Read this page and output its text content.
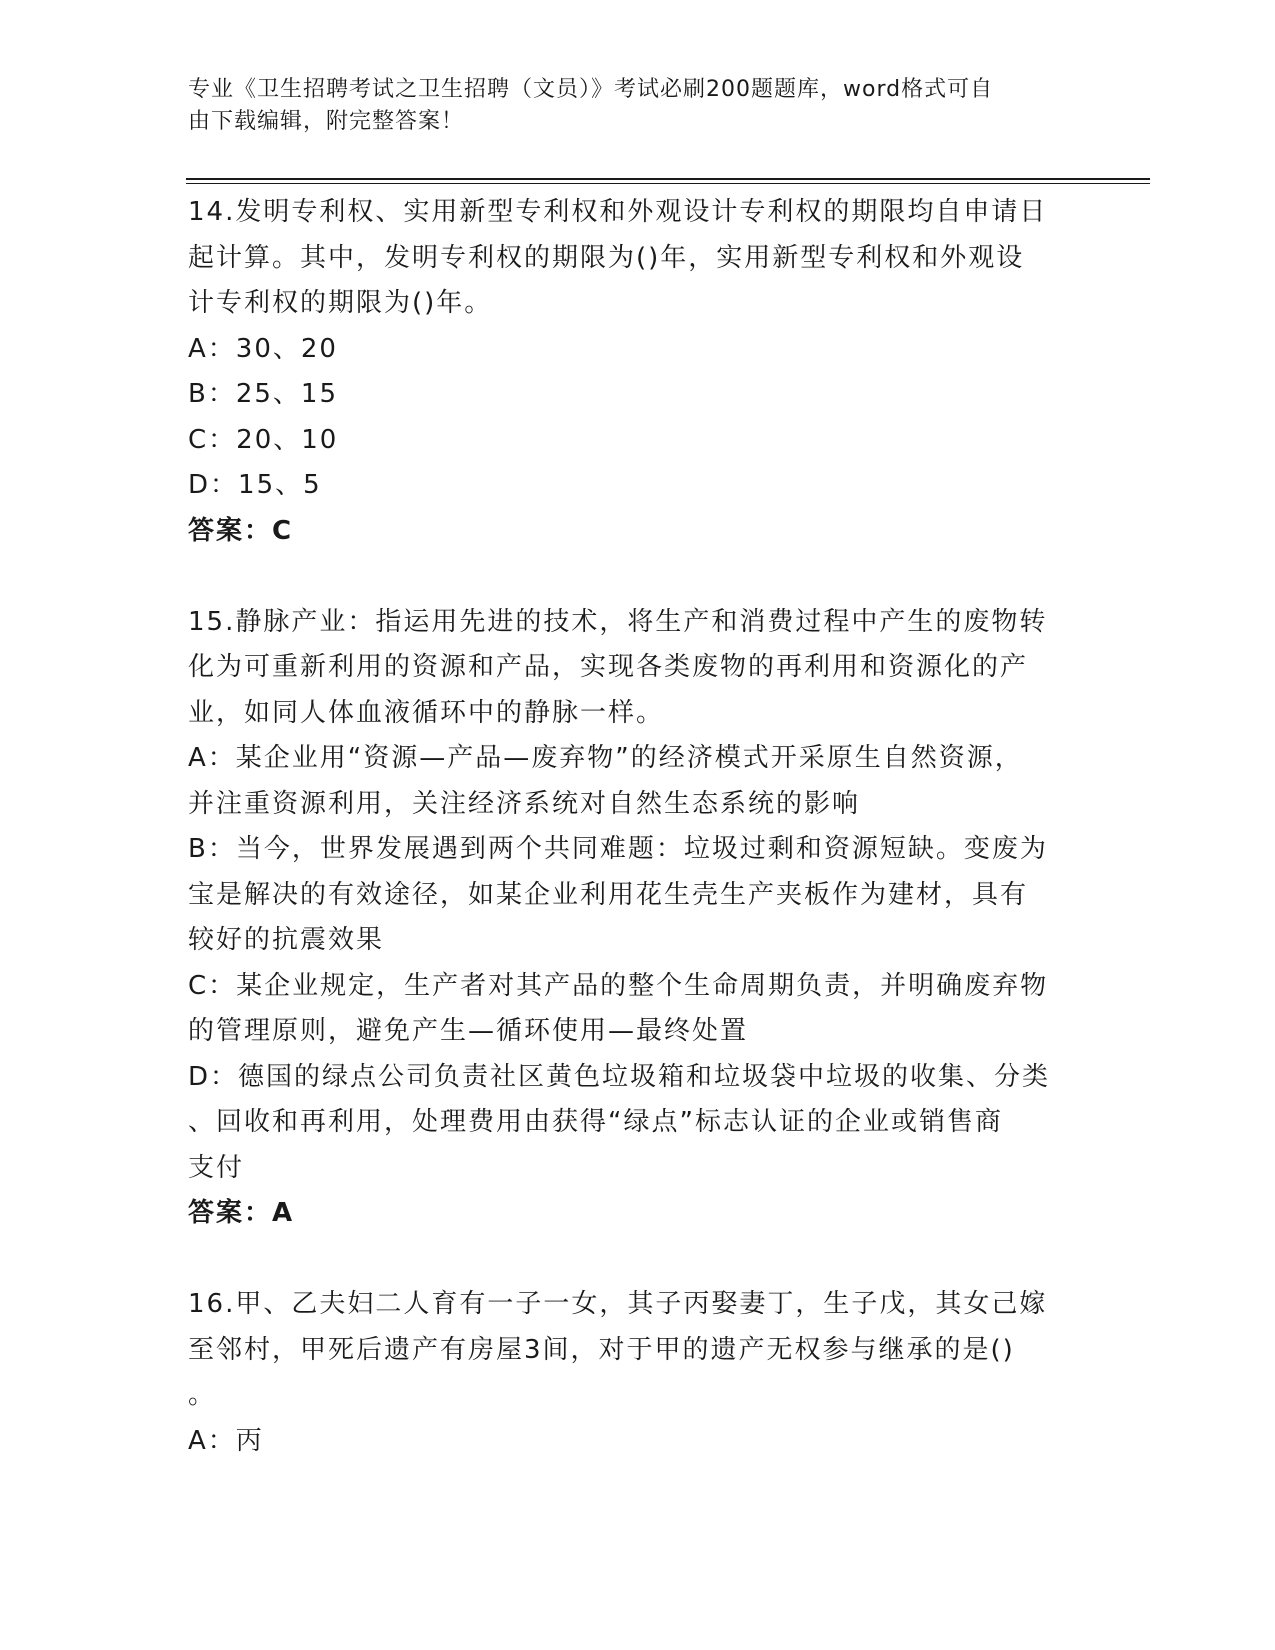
专业《卫生招聘考试之卫生招聘（文员）》考试必刷200题题库，word格式可自
由下载编辑，附完整答案！
14.发明专利权、实用新型专利权和外观设计专利权的期限均自申请日
起计算。其中，发明专利权的期限为()年，实用新型专利权和外观设
计专利权的期限为()年。
A：30、20
B：25、15
C：20、10
D：15、5
答案：C
15.静脉产业：指运用先进的技术，将生产和消费过程中产生的废物转
化为可重新利用的资源和产品，实现各类废物的再利用和资源化的产
业，如同人体血液循环中的静脉一样。
A：某企业用“资源—产品—废弃物”的经济模式开采原生自然资源，
并注重资源利用，关注经济系统对自然生态系统的影响
B：当今，世界发展遇到两个共同难题：垃圾过剩和资源短缺。变废为
宝是解决的有效途径，如某企业利用花生壳生产夹板作为建材，具有
较好的抗震效果
C：某企业规定，生产者对其产品的整个生命周期负责，并明确废弃物
的管理原则，避免产生—循环使用—最终处置
D：德国的绿点公司负责社区黄色垃圾箱和垃圾袋中垃圾的收集、分类
、回收和再利用，处理费用由获得“绿点”标志认证的企业或销售商
支付
答案：A
16.甲、乙夫妇二人育有一子一女，其子丙娶妻丁，生子戊，其女己嫁
至邻村，甲死后遗产有房屋3间，对于甲的遗产无权参与继承的是()
。
A：丙
